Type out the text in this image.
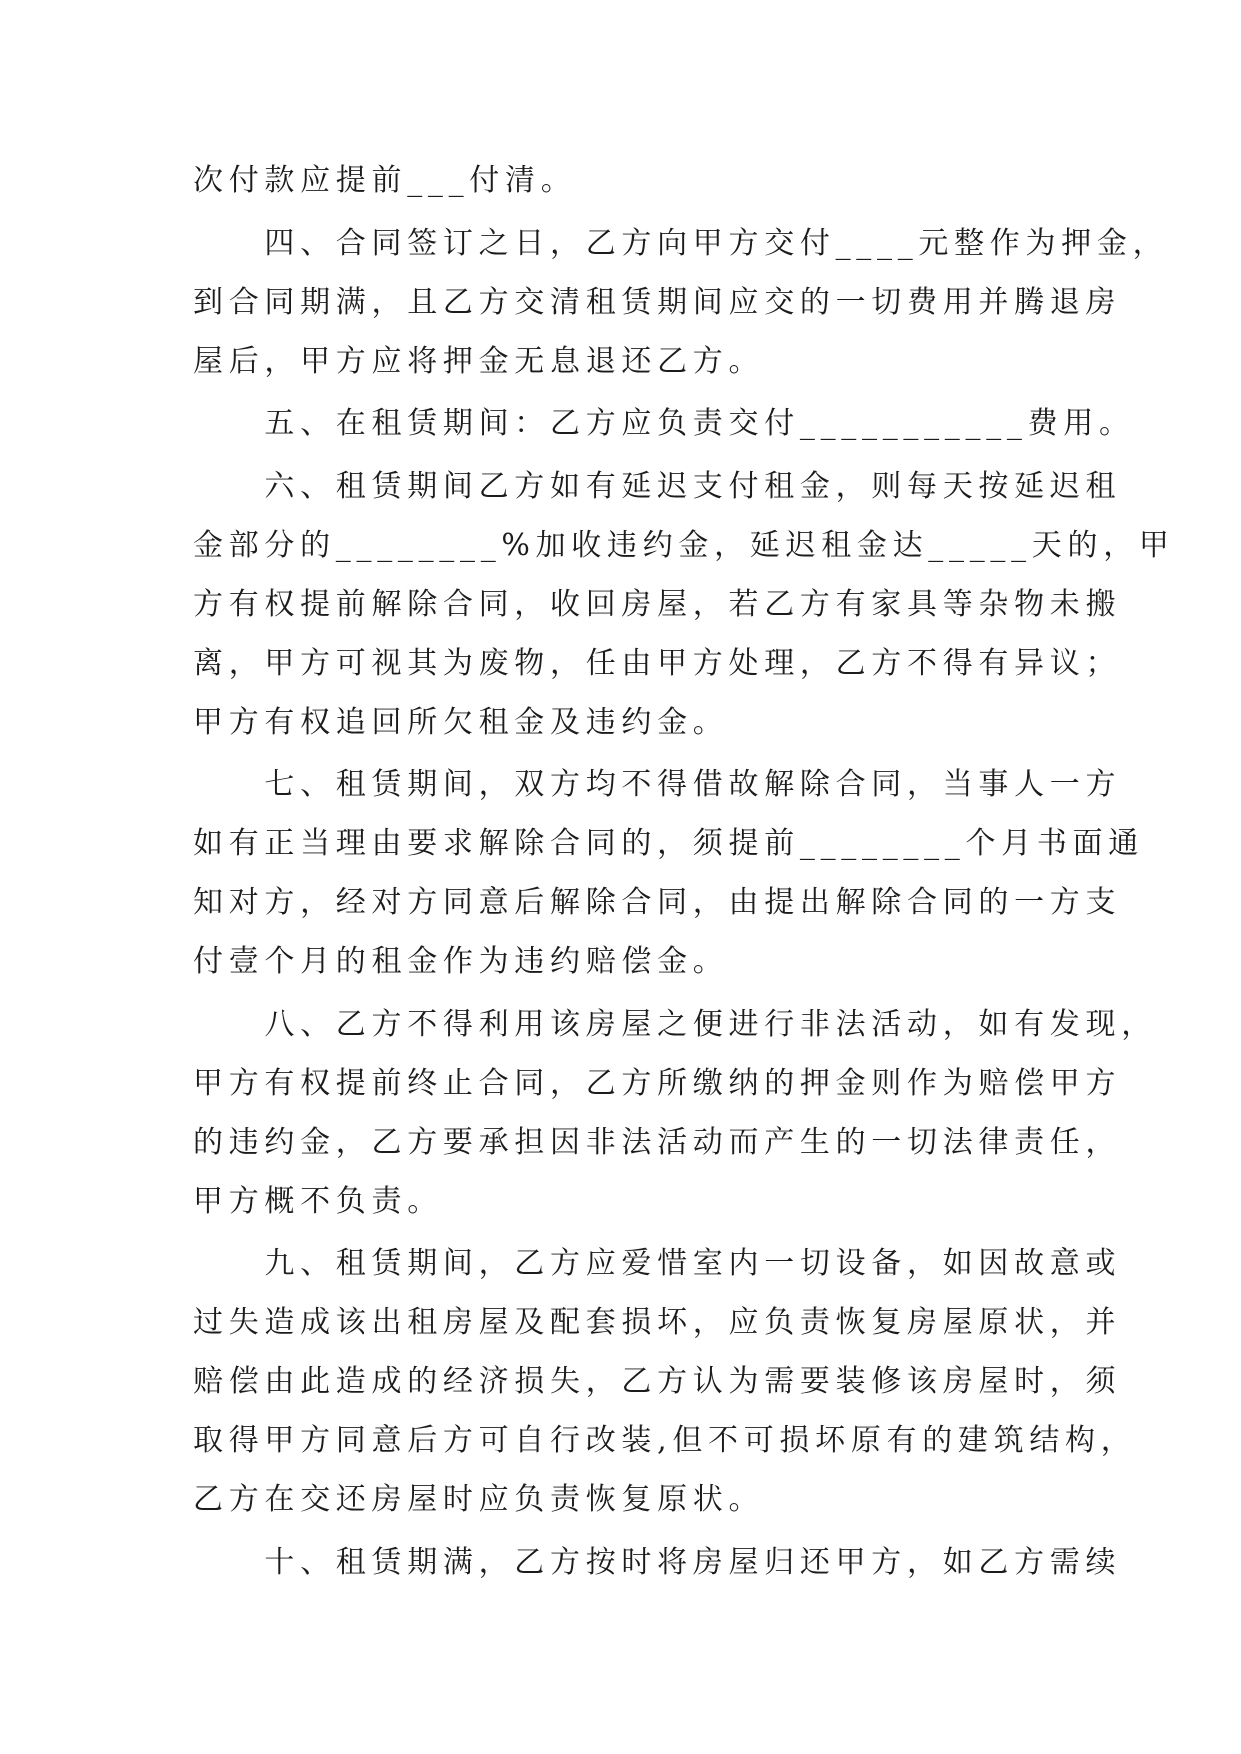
次付款应提前___付清。
　　四、合同签订之日，乙方向甲方交付____元整作为押金，
到合同期满，且乙方交清租赁期间应交的一切费用并腾退房
屋后，甲方应将押金无息退还乙方。
　　五、在租赁期间：乙方应负责交付___________费用。
　　六、租赁期间乙方如有延迟支付租金，则每天按延迟租
金部分的________%加收违约金，延迟租金达_____天的，甲
方有权提前解除合同，收回房屋，若乙方有家具等杂物未搬
离，甲方可视其为废物，任由甲方处理，乙方不得有异议；
甲方有权追回所欠租金及违约金。
　　七、租赁期间，双方均不得借故解除合同，当事人一方
如有正当理由要求解除合同的，须提前________个月书面通
知对方，经对方同意后解除合同，由提出解除合同的一方支
付壹个月的租金作为违约赔偿金。
　　八、乙方不得利用该房屋之便进行非法活动，如有发现，
甲方有权提前终止合同，乙方所缴纳的押金则作为赔偿甲方
的违约金，乙方要承担因非法活动而产生的一切法律责任，
甲方概不负责。
　　九、租赁期间，乙方应爱惜室内一切设备，如因故意或
过失造成该出租房屋及配套损坏，应负责恢复房屋原状，并
赔偿由此造成的经济损失，乙方认为需要装修该房屋时，须
取得甲方同意后方可自行改装,但不可损坏原有的建筑结构，
乙方在交还房屋时应负责恢复原状。
　　十、租赁期满，乙方按时将房屋归还甲方，如乙方需续
